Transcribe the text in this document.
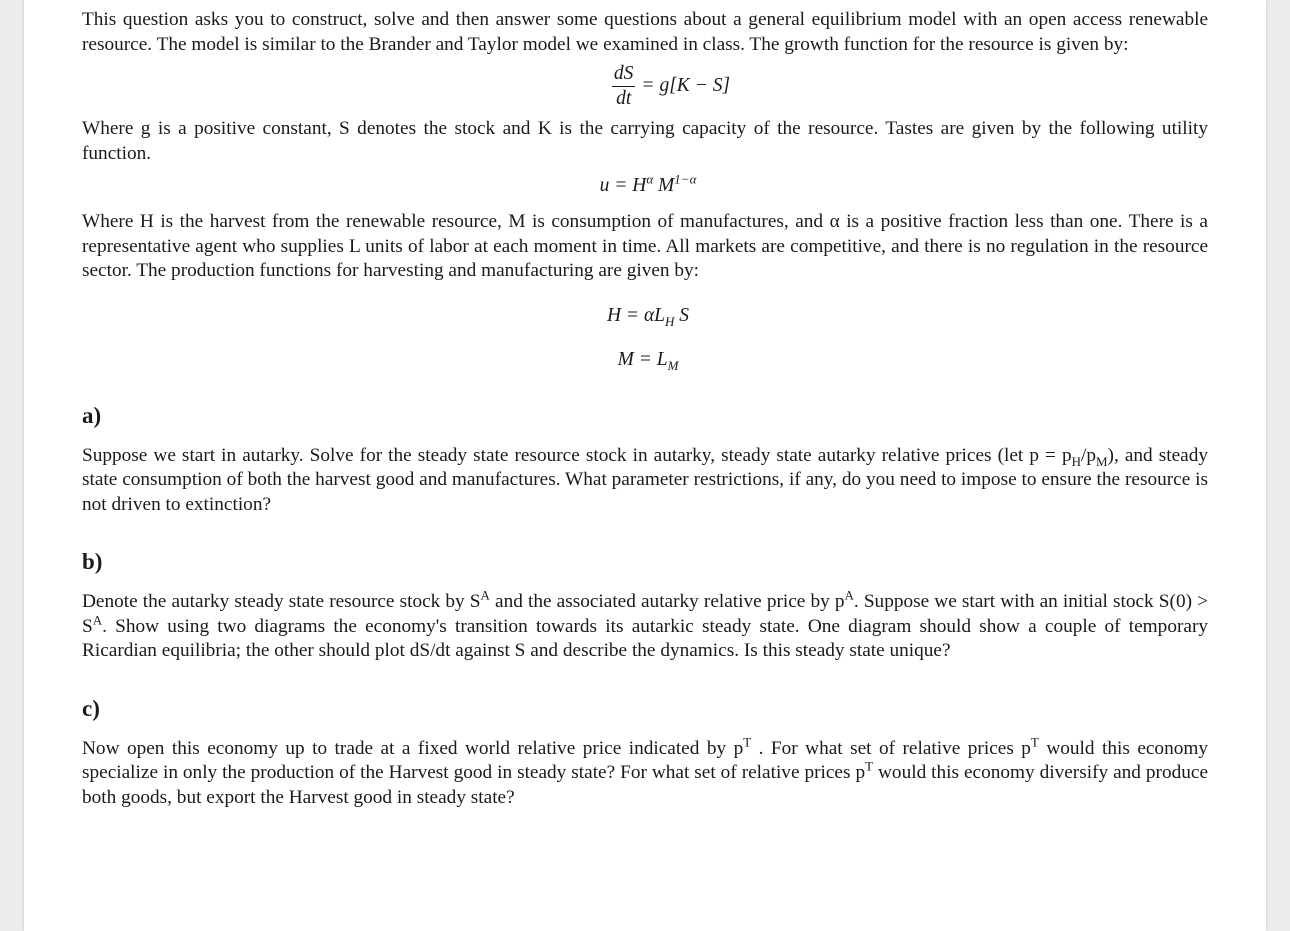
This question asks you to construct, solve and then answer some questions about a general equilibrium model with an open access renewable resource. The model is similar to the Brander and Taylor model we examined in class. The growth function for the resource is given by:

$\frac{dS}{dt} = g[K - S]$

Where g is a positive constant, S denotes the stock and K is the carrying capacity of the resource. Tastes are given by the following utility function.

$u = H^\alpha$ $M^{1-\alpha}$

Where H is the harvest from the renewable resource, M is consumption of manufactures, and α is a positive fraction less than one. There is a representative agent who supplies L units of labor at each moment in time. All markets are competitive, and there is no regulation in the resource sector. The production functions for harvesting and manufacturing are given by:

$H = \alpha L_H$ S
$M = L_M$
a)

Suppose we start in autarky. Solve for the steady state resource stock in autarky, steady state autarky relative prices (let $p = p_H/p_M$), and steady state consumption of both the harvest good and manufactures. What parameter restrictions, if any, do you need to impose to ensure the resource is not driven to extinction?

b)

Denote the autarky steady state resource stock by $S^A$ and the associated autarky relative price by $p^A$. Suppose we start with an initial stock $S(0) > S^A$. Show using two diagrams the economy's transition towards its autarkic steady state. One diagram should show a couple of temporary Ricardian equilibria; the other should plot dS/dt against S and describe the dynamics. Is this steady state unique?

c)

Now open this economy up to trade at a fixed world relative price indicated by $p^T$ . For what set of relative prices $p^T$ would this economy specialize in only the production of the Harvest good in steady state? For what set of relative prices $p^T$ would this economy diversify and produce both goods, but export the Harvest good in steady state?
